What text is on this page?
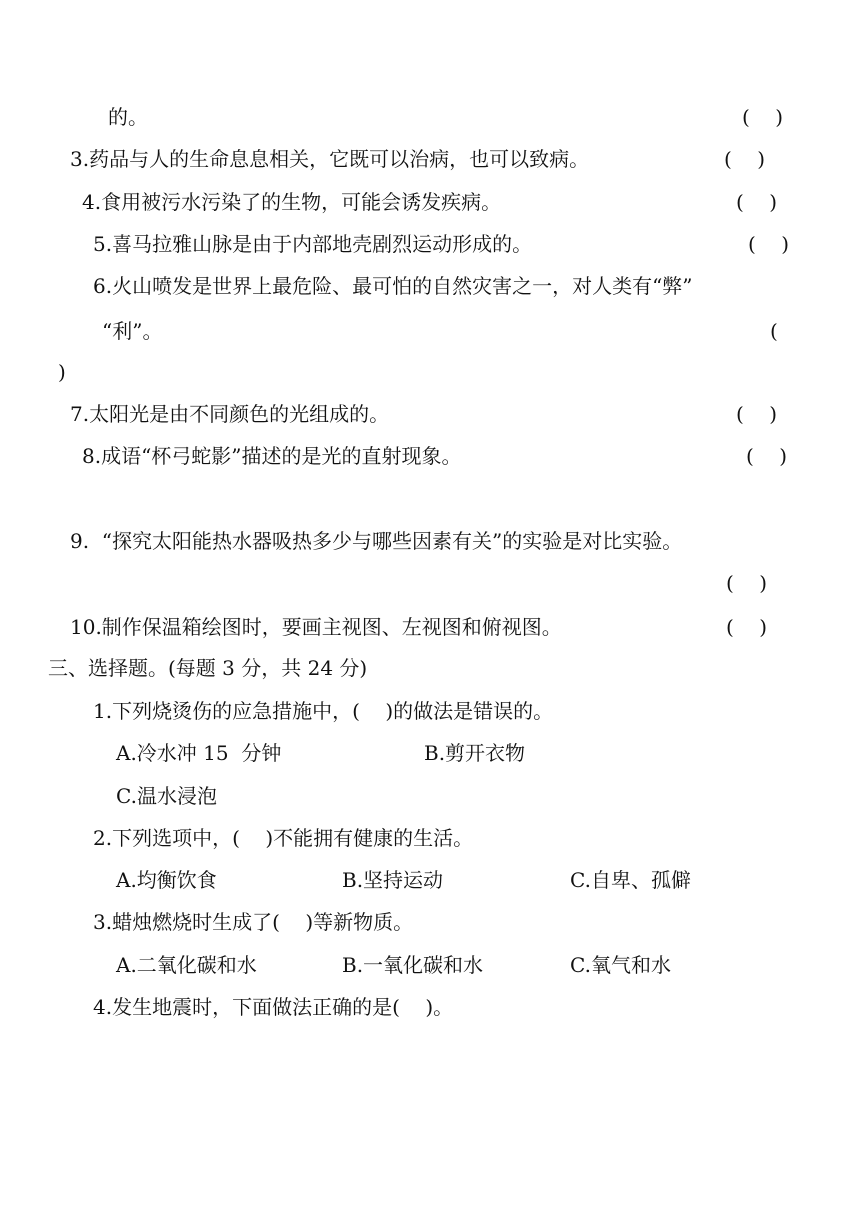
的。	(    )
3.药品与人的生命息息相关，它既可以治病，也可以致病。	(    )
4.食用被污水污染了的生物，可能会诱发疾病。	(    )
5.喜马拉雅山脉是由于内部地壳剧烈运动形成的。	(    )
6.火山喷发是世界上最危险、最可怕的自然灾害之一，对人类有“弊”
“利”。	(
)
7.太阳光是由不同颜色的光组成的。	(    )
8.成语“杯弓蛇影”描述的是光的直射现象。	(    )
9.  “探究太阳能热水器吸热多少与哪些因素有关”的实验是对比实验。
(    )
10.制作保温箱绘图时，要画主视图、左视图和俯视图。	(    )
三、选择题。(每题 3 分，共 24 分)
1.下列烧烫伤的应急措施中，(    )的做法是错误的。
A.冷水冲 15  分钟	B.剪开衣物
C.温水浸泡
2.下列选项中，(    )不能拥有健康的生活。
A.均衡饮食	B.坚持运动	C.自卑、孤僻
3.蜡烛燃烧时生成了(    )等新物质。
A.二氧化碳和水	B.一氧化碳和水	C.氧气和水
4.发生地震时，下面做法正确的是(    )。
